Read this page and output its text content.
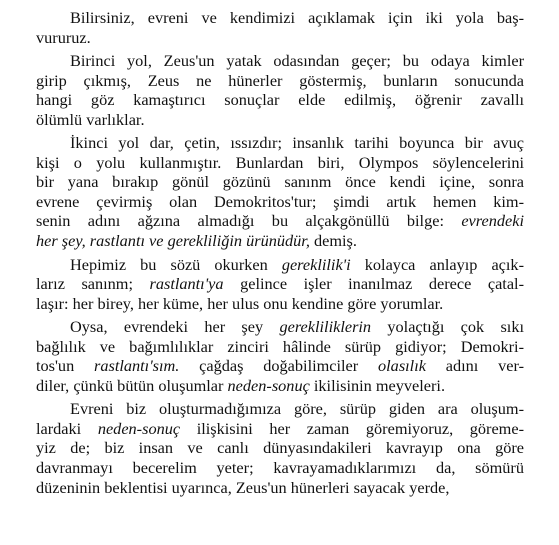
Bilirsiniz, evreni ve kendimizi açıklamak için iki yola baş-
vururuz.
Birinci yol, Zeus'un yatak odasından geçer; bu odaya kimler
girip çıkmış, Zeus ne hünerler göstermiş, bunların sonucunda
hangi göz kamaştırıcı sonuçlar elde edilmiş, öğrenir zavallı
ölümlü varlıklar.
İkinci yol dar, çetin, ıssızdır; insanlık tarihi boyunca bir avuç
kişi o yolu kullanmıştır. Bunlardan biri, Olympos söylencelerini
bir yana bırakıp gönül gözünü sanınm önce kendi içine, sonra
evrene çevirmiş olan Demokritos'tur; şimdi artık hemen kim-
senin adını ağzına almadığı bu alçakgönüllü bilge: evrendeki
her şey, rastlantı ve gerekliliğin ürünüdür, demiş.
Hepimiz bu sözü okurken gereklilik'i kolayca anlayıp açık-
larız sanınm; rastlantı'ya gelince işler inanılmaz derece çatal-
laşır: her birey, her küme, her ulus onu kendine göre yorumlar.
Oysa, evrendeki her şey gerekliliklerin yolaçtığı çok sıkı
bağlılık ve bağımlılıklar zinciri hâlinde sürüp gidiyor; Demokri-
tos'un rastlantı'sım. çağdaş doğabilimciler olasılık adını ver-
diler, çünkü bütün oluşumlar neden-sonuç ikilisinin meyveleri.
Evreni biz oluşturmadığımıza göre, sürüp giden ara oluşum-
lardaki neden-sonuç ilişkisini her zaman göremiyoruz, göreme-
yiz de; biz insan ve canlı dünyasındakileri kavrayıp ona göre
davranmayı becerelim yeter; kavrayamadıklarımızı da, sömürü
düzeninin beklentisi uyarınca, Zeus'un hünerleri sayacak yerde,
